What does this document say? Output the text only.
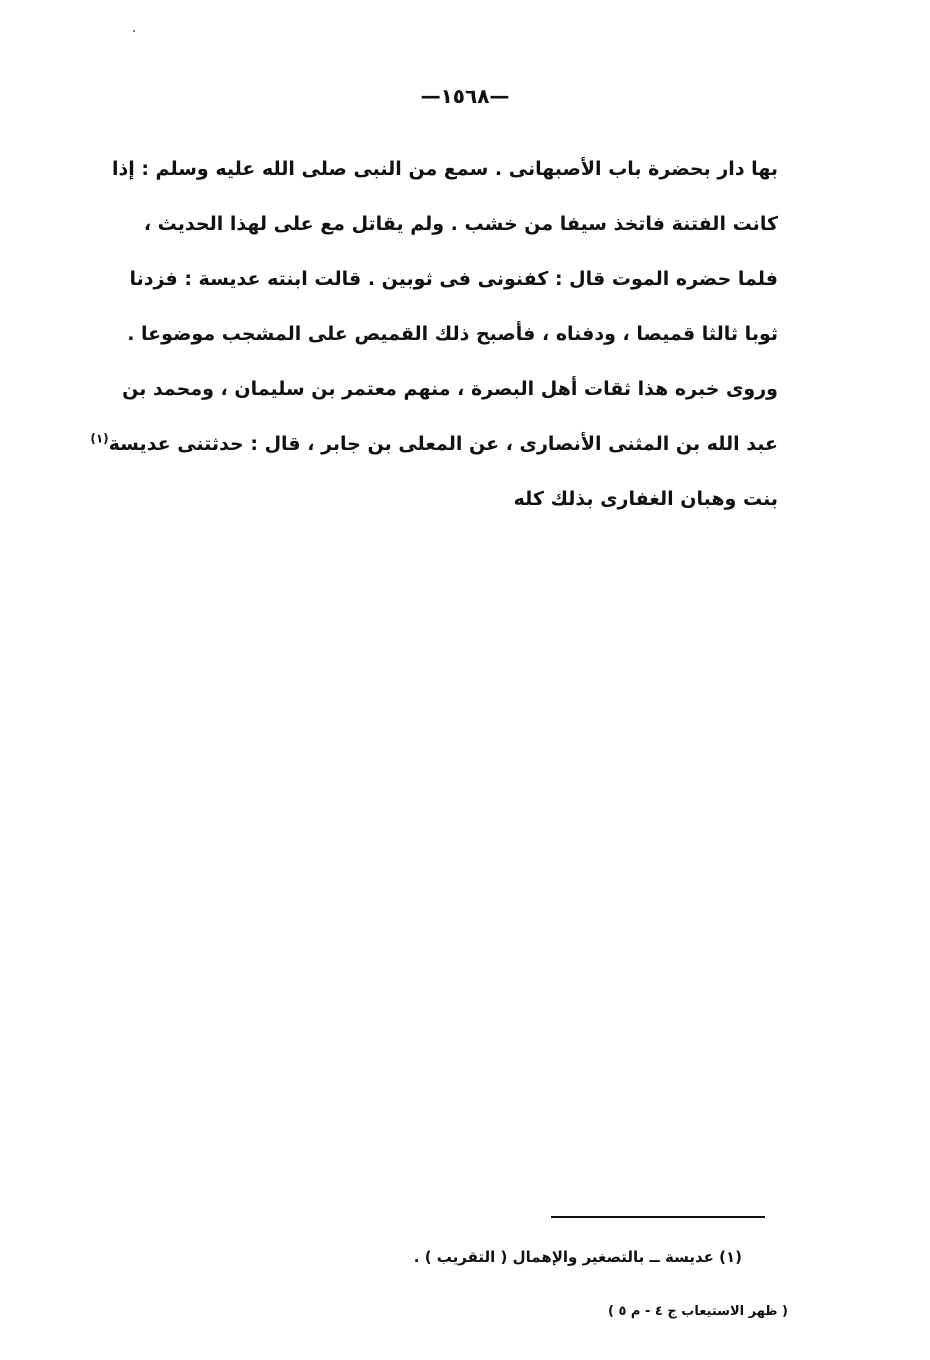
—١٥٦٨—
بها دار بحضرة باب الأصبهانى . سمع من النبى صلى الله عليه وسلم : إذا
كانت الفتنة فاتخذ سيفا من خشب . ولم يقاتل مع على لهذا الحديث ،
فلما حضره الموت قال : كفنونى فى ثوبين . قالت ابنته عديسة : فزدنا
ثوبا ثالثا قميصا ، ودفناه ، فأصبح ذلك القميص على المشجب موضوعا .
وروى خبره هذا ثقات أهل البصرة ، منهم معتمر بن سليمان ، ومحمد بن
عبد الله بن المثنى الأنصارى ، عن المعلى بن جابر ، قال : حدثتنى عديسة$^{(١)}$
بنت وهبان الغفارى بذلك كله
(١) عديسة ــ بالتصغير والإهمال ( التقريب ) .
( ظهر الاستيعاب ج ٤ - م ٥ )
